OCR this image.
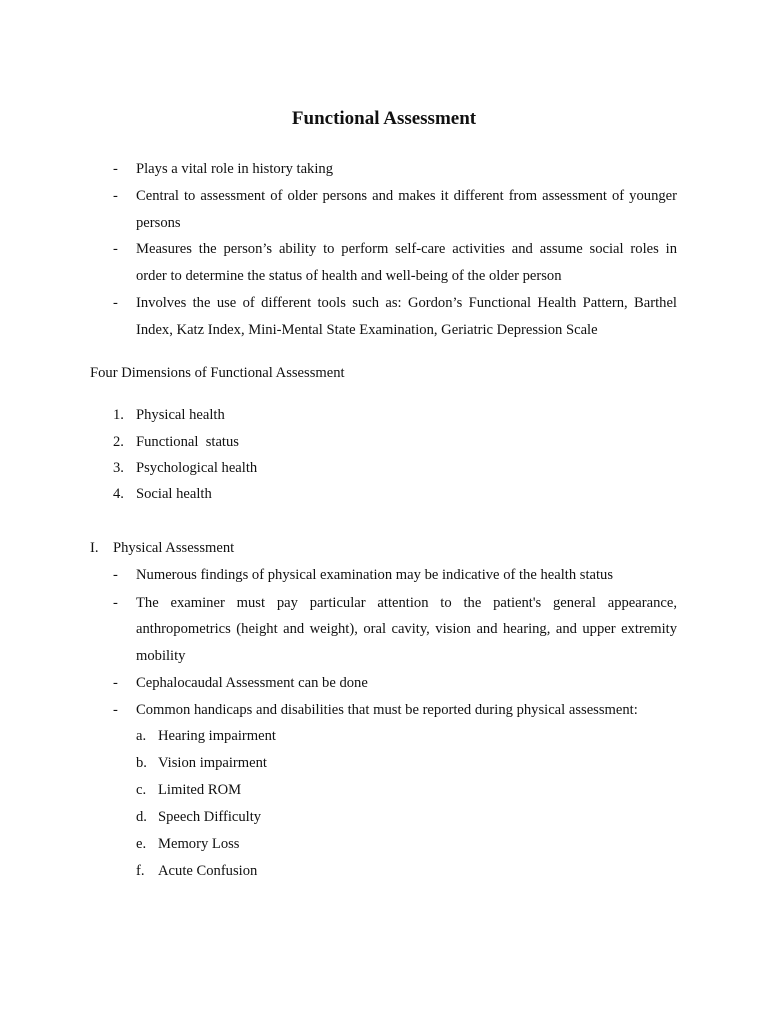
Functional Assessment
- Plays a vital role in history taking
- Central to assessment of older persons and makes it different from assessment of younger
persons
- Measures the person’s ability to perform self-care activities and assume social roles in
order to determine the status of health and well-being of the older person
- Involves the use of different tools such as: Gordon’s Functional Health Pattern, Barthel
Index, Katz Index, Mini-Mental State Examination, Geriatric Depression Scale
Four Dimensions of Functional Assessment
1. Physical health
2. Functional  status
3. Psychological health
4. Social health
I. Physical Assessment
- Numerous findings of physical examination may be indicative of the health status
- The examiner must pay particular attention to the patient's general appearance,
anthropometrics (height and weight), oral cavity, vision and hearing, and upper extremity
mobility
- Cephalocaudal Assessment can be done
- Common handicaps and disabilities that must be reported during physical assessment:
a. Hearing impairment
b. Vision impairment
c. Limited ROM
d. Speech Difficulty
e. Memory Loss
f. Acute Confusion
